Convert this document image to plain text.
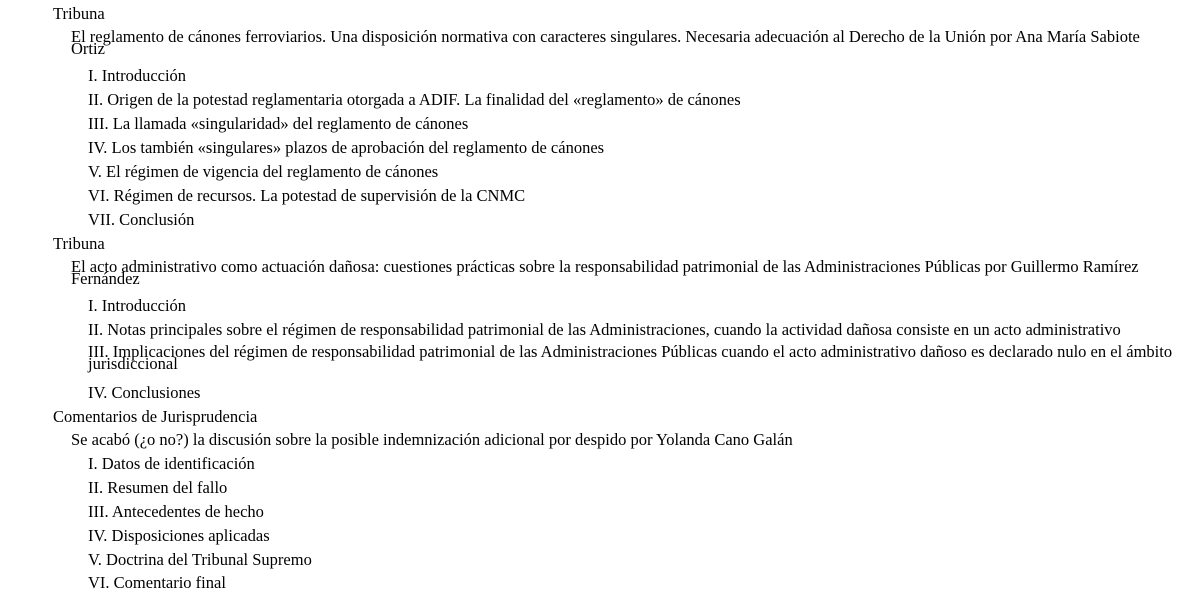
Tribuna
El reglamento de cánones ferroviarios. Una disposición normativa con caracteres singulares. Necesaria adecuación al Derecho de la Unión por Ana María Sabiote Ortiz
I. Introducción
II. Origen de la potestad reglamentaria otorgada a ADIF. La finalidad del «reglamento» de cánones
III. La llamada «singularidad» del reglamento de cánones
IV. Los también «singulares» plazos de aprobación del reglamento de cánones
V. El régimen de vigencia del reglamento de cánones
VI. Régimen de recursos. La potestad de supervisión de la CNMC
VII. Conclusión
Tribuna
El acto administrativo como actuación dañosa: cuestiones prácticas sobre la responsabilidad patrimonial de las Administraciones Públicas por Guillermo Ramírez Fernández
I. Introducción
II. Notas principales sobre el régimen de responsabilidad patrimonial de las Administraciones, cuando la actividad dañosa consiste en un acto administrativo
III. Implicaciones del régimen de responsabilidad patrimonial de las Administraciones Públicas cuando el acto administrativo dañoso es declarado nulo en el ámbito jurisdiccional
IV. Conclusiones
Comentarios de Jurisprudencia
Se acabó (¿o no?) la discusión sobre la posible indemnización adicional por despido por Yolanda Cano Galán
I. Datos de identificación
II. Resumen del fallo
III. Antecedentes de hecho
IV. Disposiciones aplicadas
V. Doctrina del Tribunal Supremo
VI. Comentario final
